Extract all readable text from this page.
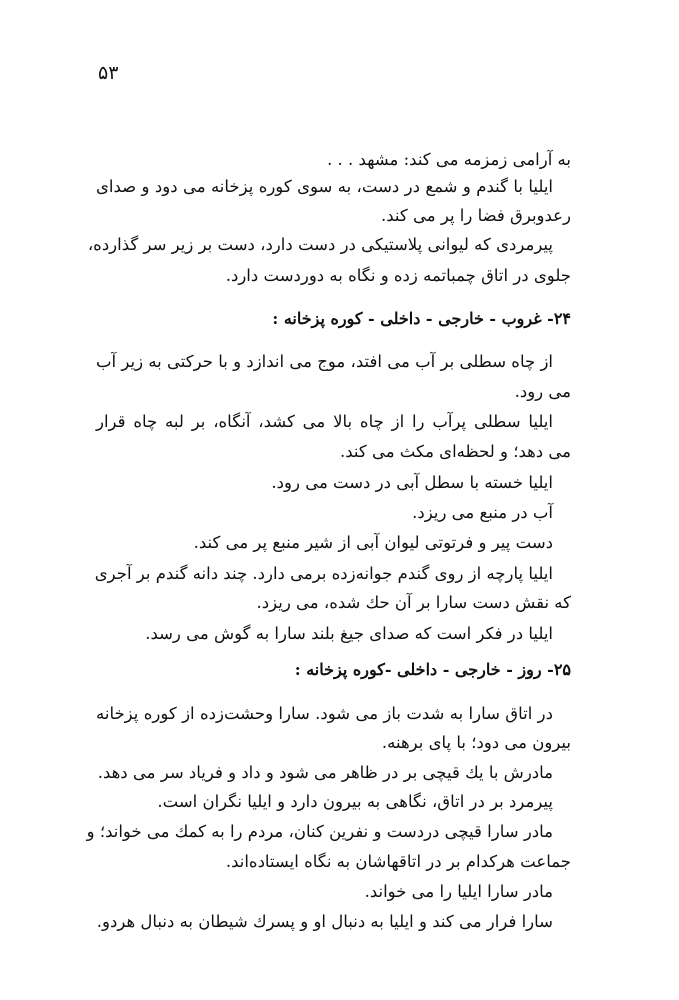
۵۳
به آرامی زمزمه می کند: مشهد . . .
ایلیا با گندم و شمع در دست، به سوی کوره پزخانه می دود و صدای
رعدوبرق فضا را پر می کند.
پیرمردی که لیوانی پلاستیکی در دست دارد، دست بر زیر سر گذارده،
جلوی در اتاق چمباتمه زده و نگاه به دوردست دارد.
۲۴- غروب - خارجی - داخلی - کوره پزخانه :
از چاه سطلی بر آب می افتد، موج می اندازد و با حرکتی به زیر آب
می رود.
ایلیا سطلی پرآب را از چاه بالا می کشد، آنگاه، بر لبه چاه قرار
می دهد؛ و لحظه‌ای مکث می کند.
ایلیا خسته با سطل آبی در دست می رود.
آب در منبع می ریزد.
دست پیر و فرتوتی لیوان آبی از شیر منبع پر می کند.
ایلیا پارچه از روی گندم جوانه‌زده برمی دارد. چند دانه گندم بر آجری
که نقش دست سارا بر آن حك شده، می ریزد.
ایلیا در فکر است که صدای جیغ بلند سارا به گوش می رسد.
۲۵- روز - خارجی - داخلی -کوره پزخانه :
در اتاق سارا به شدت باز می شود. سارا وحشت‌زده از کوره پزخانه
بیرون می دود؛ با پای برهنه.
مادرش با یك قیچی بر در ظاهر می شود و داد و فریاد سر می دهد.
پیرمرد بر در اتاق، نگاهی به بیرون دارد و ایلیا نگران است.
مادر سارا قیچی دردست و نفرین کنان، مردم را به کمك می خواند؛ و
جماعت هرکدام بر در اتاقهاشان به نگاه ایستاده‌اند.
مادر سارا ایلیا را می خواند.
سارا فرار می کند و ایلیا به دنبال او و پسرك شیطان به دنبال هردو.
